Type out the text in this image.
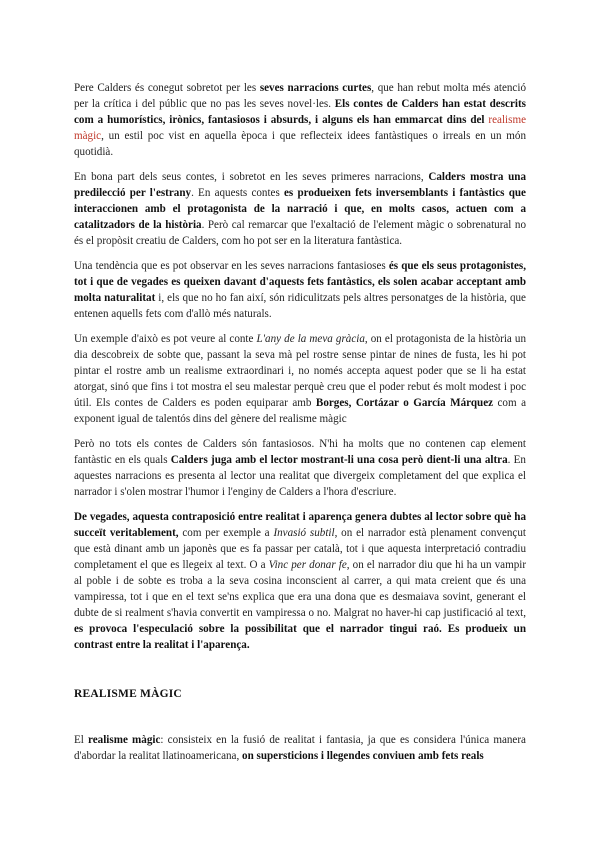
Pere Calders és conegut sobretot per les seves narracions curtes, que han rebut molta més atenció per la crítica i del públic que no pas les seves novel·les. Els contes de Calders han estat descrits com a humorístics, irònics, fantasiosos i absurds, i alguns els han emmarcat dins del realisme màgic, un estil poc vist en aquella època i que reflecteix idees fantàstiques o irreals en un món quotidià.

En bona part dels seus contes, i sobretot en les seves primeres narracions, Calders mostra una predilecció per l'estrany. En aquests contes es produeixen fets inversemblants i fantàstics que interaccionen amb el protagonista de la narració i que, en molts casos, actuen com a catalitzadors de la història. Però cal remarcar que l'exaltació de l'element màgic o sobrenatural no és el propòsit creatiu de Calders, com ho pot ser en la literatura fantàstica.

Una tendència que es pot observar en les seves narracions fantasioses és que els seus protagonistes, tot i que de vegades es queixen davant d'aquests fets fantàstics, els solen acabar acceptant amb molta naturalitat i, els que no ho fan així, són ridiculitzats pels altres personatges de la història, que entenen aquells fets com d'allò més naturals.

Un exemple d'això es pot veure al conte L'any de la meva gràcia, on el protagonista de la història un dia descobreix de sobte que, passant la seva mà pel rostre sense pintar de nines de fusta, les hi pot pintar el rostre amb un realisme extraordinari i, no només accepta aquest poder que se li ha estat atorgat, sinó que fins i tot mostra el seu malestar perquè creu que el poder rebut és molt modest i poc útil. Els contes de Calders es poden equiparar amb Borges, Cortázar o García Márquez com a exponent igual de talentós dins del gènere del realisme màgic

Però no tots els contes de Calders són fantasiosos. N'hi ha molts que no contenen cap element fantàstic en els quals Calders juga amb el lector mostrant-li una cosa però dient-li una altra. En aquestes narracions es presenta al lector una realitat que divergeix completament del que explica el narrador i s'olen mostrar l'humor i l'enginy de Calders a l'hora d'escriure.

De vegades, aquesta contraposició entre realitat i aparença genera dubtes al lector sobre què ha succeït veritablement, com per exemple a Invasió subtil, on el narrador està plenament convençut que està dinant amb un japonès que es fa passar per català, tot i que aquesta interpretació contradiu completament el que es llegeix al text. O a Vinc per donar fe, on el narrador diu que hi ha un vampir al poble i de sobte es troba a la seva cosina inconscient al carrer, a qui mata creient que és una vampiressa, tot i que en el text se'ns explica que era una dona que es desmaiava sovint, generant el dubte de si realment s'havia convertit en vampiressa o no. Malgrat no haver-hi cap justificació al text, es provoca l'especulació sobre la possibilitat que el narrador tingui raó. Es produeix un contrast entre la realitat i l'aparença.

REALISME MÀGIC

El realisme màgic: consisteix en la fusió de realitat i fantasia, ja que es considera l'única manera d'abordar la realitat llatinoamericana, on supersticions i llegendes conviuen amb fets reals
